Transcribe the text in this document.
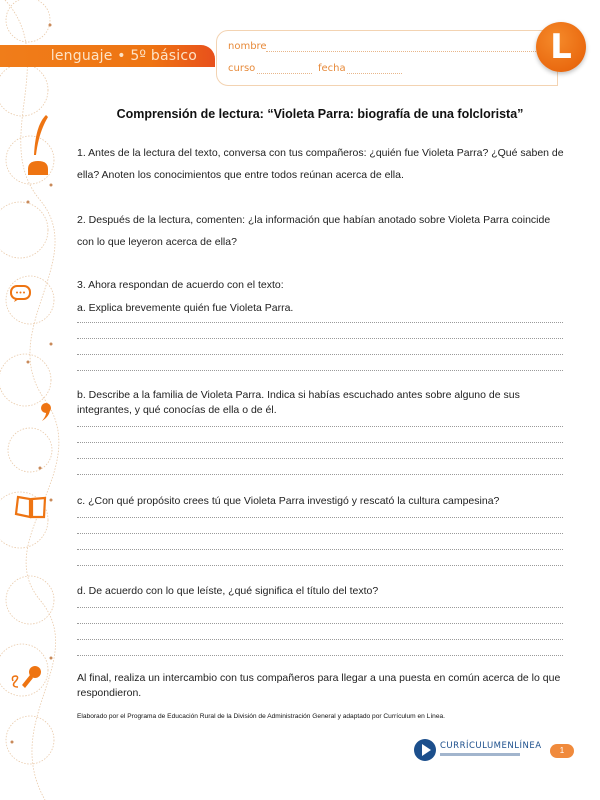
lenguaje • 5º básico
nombre
curso	fecha
L
Comprensión de lectura: “Violeta Parra: biografía de una folclorista”
1. Antes de la lectura del texto, conversa con tus compañeros: ¿quién fue Violeta Parra? ¿Qué saben de ella? Anoten los conocimientos que entre todos reúnan acerca de ella.
2. Después de la lectura, comenten: ¿la información que habían anotado sobre Violeta Parra coincide con lo que leyeron acerca de ella?
3. Ahora respondan de acuerdo con el texto:
a. Explica brevemente quién fue Violeta Parra.
b. Describe a la familia de Violeta Parra. Indica si habías escuchado antes sobre alguno de sus integrantes, y qué conocías de ella o de él.
c. ¿Con qué propósito crees tú que Violeta Parra investigó y rescató la cultura campesina?
d. De acuerdo con lo que leíste, ¿qué significa el título del texto?
Al final, realiza un intercambio con tus compañeros para llegar a una puesta en común acerca de lo que respondieron.
Elaborado por el Programa de Educación Rural de la División de Administración General y adaptado por Currículum en Línea.
CURRÍCULUMENLÍNEA	1
